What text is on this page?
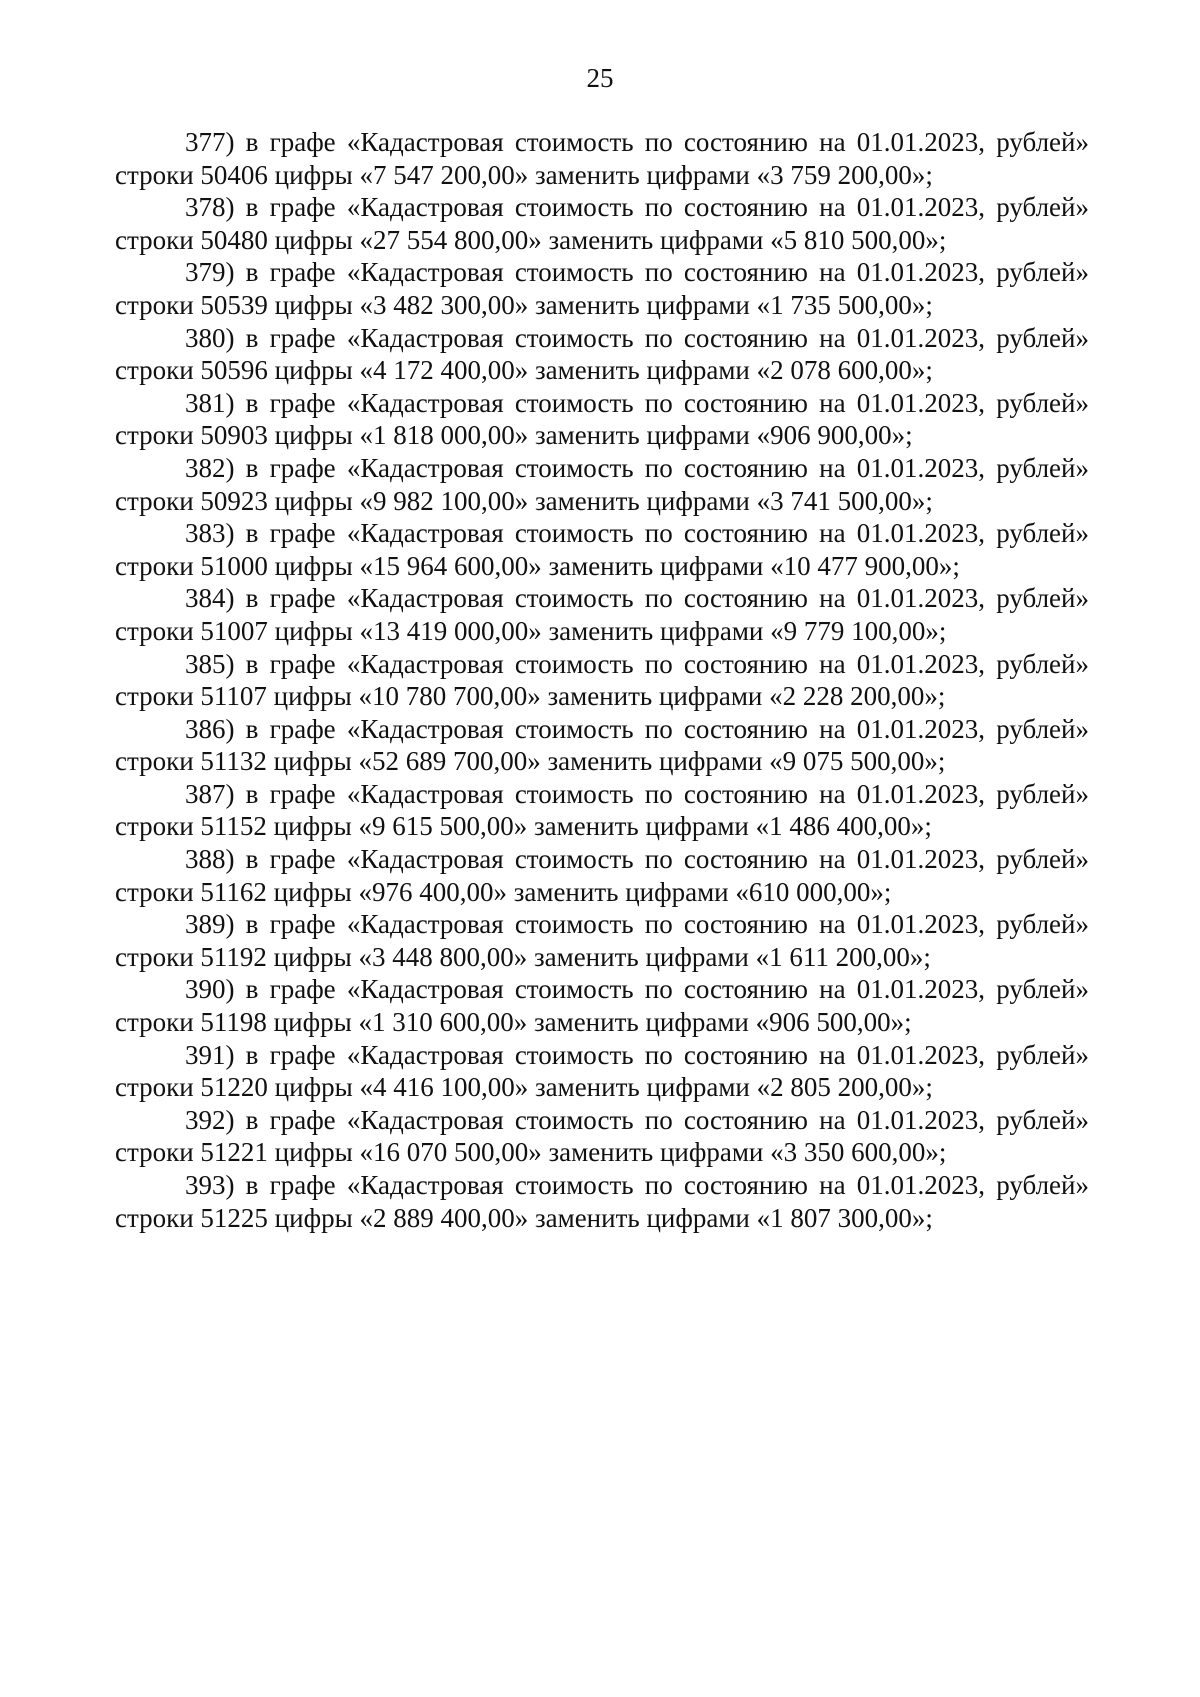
25

377) в графе «Кадастровая стоимость по состоянию на 01.01.2023, рублей» строки 50406 цифры «7 547 200,00» заменить цифрами «3 759 200,00»;

378) в графе «Кадастровая стоимость по состоянию на 01.01.2023, рублей» строки 50480 цифры «27 554 800,00» заменить цифрами «5 810 500,00»;

379) в графе «Кадастровая стоимость по состоянию на 01.01.2023, рублей» строки 50539 цифры «3 482 300,00» заменить цифрами «1 735 500,00»;

380) в графе «Кадастровая стоимость по состоянию на 01.01.2023, рублей» строки 50596 цифры «4 172 400,00» заменить цифрами «2 078 600,00»;

381) в графе «Кадастровая стоимость по состоянию на 01.01.2023, рублей» строки 50903 цифры «1 818 000,00» заменить цифрами «906 900,00»;

382) в графе «Кадастровая стоимость по состоянию на 01.01.2023, рублей» строки 50923 цифры «9 982 100,00» заменить цифрами «3 741 500,00»;

383) в графе «Кадастровая стоимость по состоянию на 01.01.2023, рублей» строки 51000 цифры «15 964 600,00» заменить цифрами «10 477 900,00»;

384) в графе «Кадастровая стоимость по состоянию на 01.01.2023, рублей» строки 51007 цифры «13 419 000,00» заменить цифрами «9 779 100,00»;

385) в графе «Кадастровая стоимость по состоянию на 01.01.2023, рублей» строки 51107 цифры «10 780 700,00» заменить цифрами «2 228 200,00»;

386) в графе «Кадастровая стоимость по состоянию на 01.01.2023, рублей» строки 51132 цифры «52 689 700,00» заменить цифрами «9 075 500,00»;

387) в графе «Кадастровая стоимость по состоянию на 01.01.2023, рублей» строки 51152 цифры «9 615 500,00» заменить цифрами «1 486 400,00»;

388) в графе «Кадастровая стоимость по состоянию на 01.01.2023, рублей» строки 51162 цифры «976 400,00» заменить цифрами «610 000,00»;

389) в графе «Кадастровая стоимость по состоянию на 01.01.2023, рублей» строки 51192 цифры «3 448 800,00» заменить цифрами «1 611 200,00»;

390) в графе «Кадастровая стоимость по состоянию на 01.01.2023, рублей» строки 51198 цифры «1 310 600,00» заменить цифрами «906 500,00»;

391) в графе «Кадастровая стоимость по состоянию на 01.01.2023, рублей» строки 51220 цифры «4 416 100,00» заменить цифрами «2 805 200,00»;

392) в графе «Кадастровая стоимость по состоянию на 01.01.2023, рублей» строки 51221 цифры «16 070 500,00» заменить цифрами «3 350 600,00»;

393) в графе «Кадастровая стоимость по состоянию на 01.01.2023, рублей» строки 51225 цифры «2 889 400,00» заменить цифрами «1 807 300,00»;
